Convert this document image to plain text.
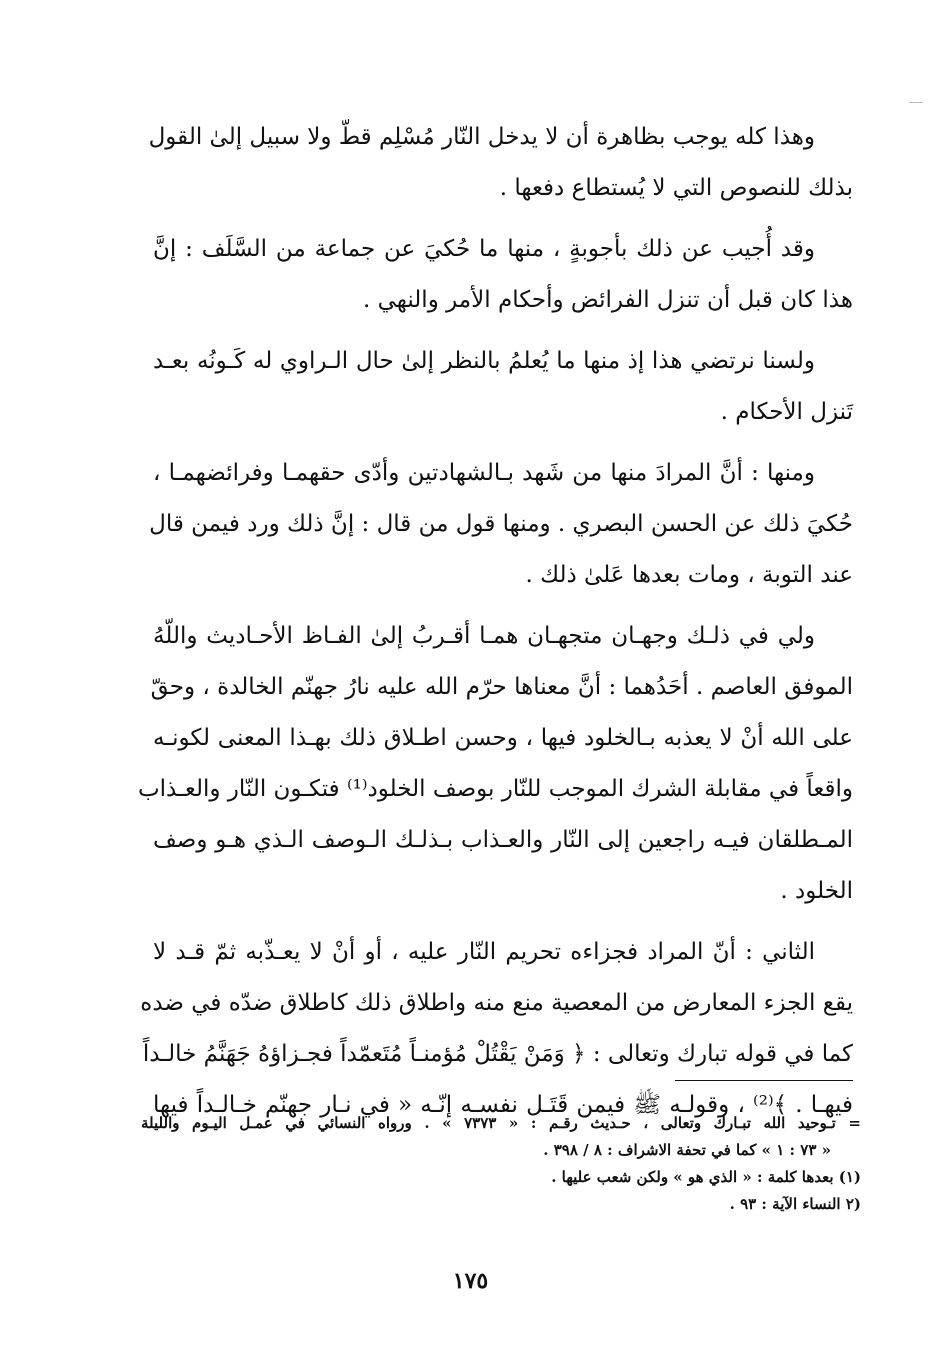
وهذا كله يوجب بظاهرة أن لا يدخل النّار مُسْلِم قطّ ولا سبيل إلىٰ القول
بذلك للنصوص التي لا يُستطاع دفعها .
وقد أُجيب عن ذلك بأجوبةٍ ، منها ما حُكيَ عن جماعة من السَّلَف : إنَّ
هذا كان قبل أن تنزل الفرائض وأحكام الأمر والنهي .
ولسنا نرتضي هذا إذ منها ما يُعلمُ بالنظر إلىٰ حال الـراوي له كَـونُه بعـد
تَنزل الأحكام .
ومنها : أنَّ المرادَ منها من شَهد بـالشهادتين وأدّى حقهمـا وفرائضهمـا ،
حُكيَ ذلك عن الحسن البصري . ومنها قول من قال : إنَّ ذلك ورد فيمن قال
عند التوبة ، ومات بعدها عَلىٰ ذلك .
ولي في ذلـك وجهـان متجهـان همـا أقـربُ إلىٰ الفـاظ الأحـاديث واللّهُ
الموفق العاصم . أحَدُهما : أنَّ معناها حرّم الله عليه نارُ جهنّم الخالدة ، وحقّ
على الله أنْ لا يعذبه بـالخلود فيها ، وحسن اطـلاق ذلك بهـذا المعنى لكونـه
واقعاً في مقابلة الشرك الموجب للنّار بوصف الخلود⁽¹⁾ فتكـون النّار والعـذاب
المـطلقان فيـه راجعين إلى النّار والعـذاب بـذلـك الـوصف الـذي هـو وصف
الخلود .
الثاني : أنّ المراد فجزاءه تحريم النّار عليه ، أو أنْ لا يعـذّبه ثمّ قـد لا
يقع الجزء المعارض من المعصية منع منه واطلاق ذلك كاطلاق ضدّه في ضده
كما في قوله تبارك وتعالى : ﴿ وَمَنْ يَقْتُلْ مُؤمنـاً مُتَعمّداً فجـزاؤهُ جَهَنَّمُ خالـداً
فيهـا . ﴾⁽²⁾ ، وقولـه ﷺ فيمن قَتَـل نفسـه إنّـه « في نـار جهنّم خـالـداً فيها
= تـوحيد الله تبـارك وتعالى ، حـديث رقـم : « ٧٣٧٣ » . ورواه النسائي في عمـل اليـوم والليلة
« ٧٣ : ١ » كما في تحفة الاشراف : ٨ / ٣٩٨ .
(١) بعدها كلمة : « الذي هو » ولكن شعب عليها .
(٢ النساء الآية : ٩٣ .
١٧٥
